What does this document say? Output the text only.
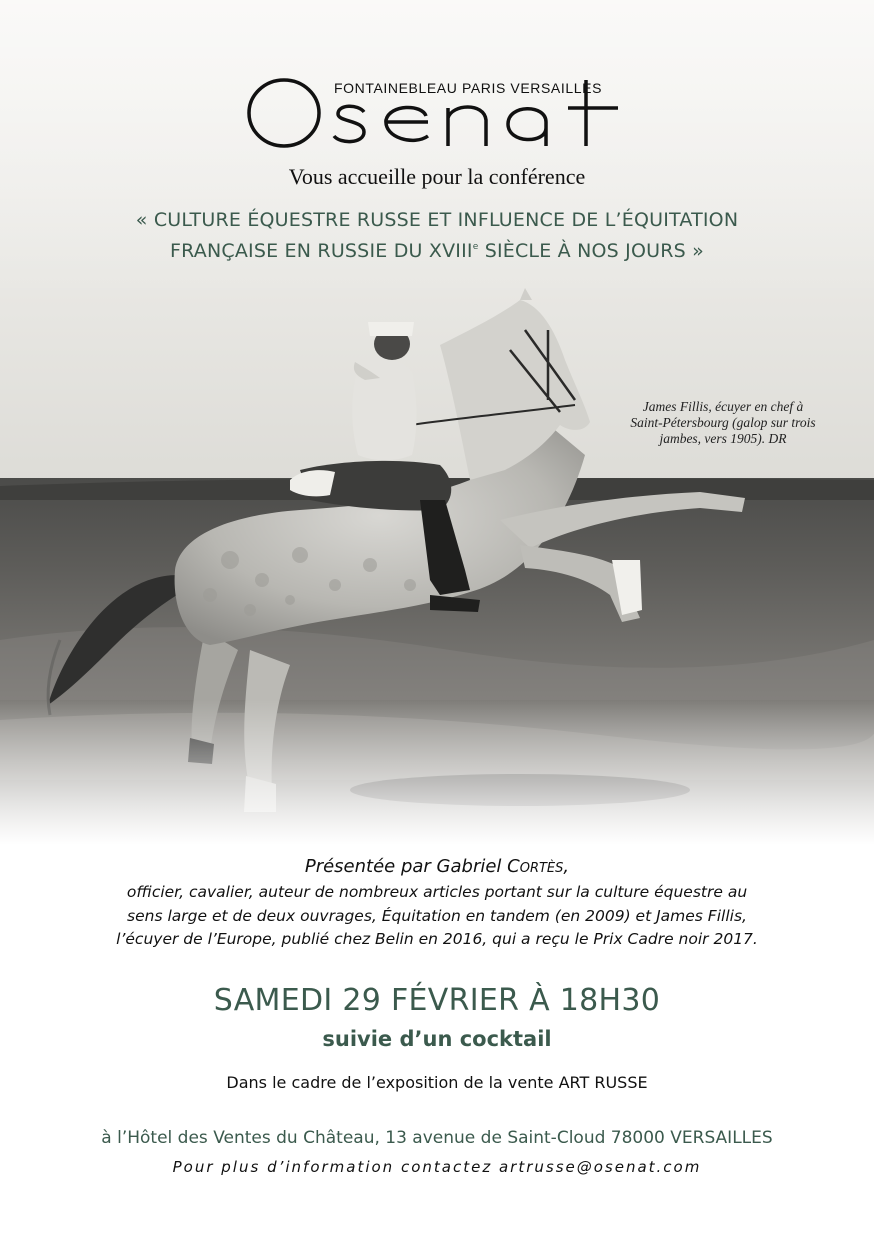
FONTAINEBLEAU PARIS VERSAILLES
Vous accueille pour la conférence
« CULTURE ÉQUESTRE RUSSE ET INFLUENCE DE L’ÉQUITATION
FRANÇAISE EN RUSSIE DU XVIIIe SIÈCLE À NOS JOURS »
James Fillis, écuyer en chef à
Saint-Pétersbourg (galop sur trois
jambes, vers 1905). DR
Présentée par Gabriel Cortès,
officier, cavalier, auteur de nombreux articles portant sur la culture équestre au
sens large et de deux ouvrages, Équitation en tandem (en 2009) et James Fillis,
l’écuyer de l’Europe, publié chez Belin en 2016, qui a reçu le Prix Cadre noir 2017.
SAMEDI 29 FÉVRIER À 18H30
suivie d’un cocktail
Dans le cadre de l’exposition de la vente ART RUSSE
à l’Hôtel des Ventes du Château, 13 avenue de Saint-Cloud 78000 VERSAILLES
Pour plus d’information contactez artrusse@osenat.com
